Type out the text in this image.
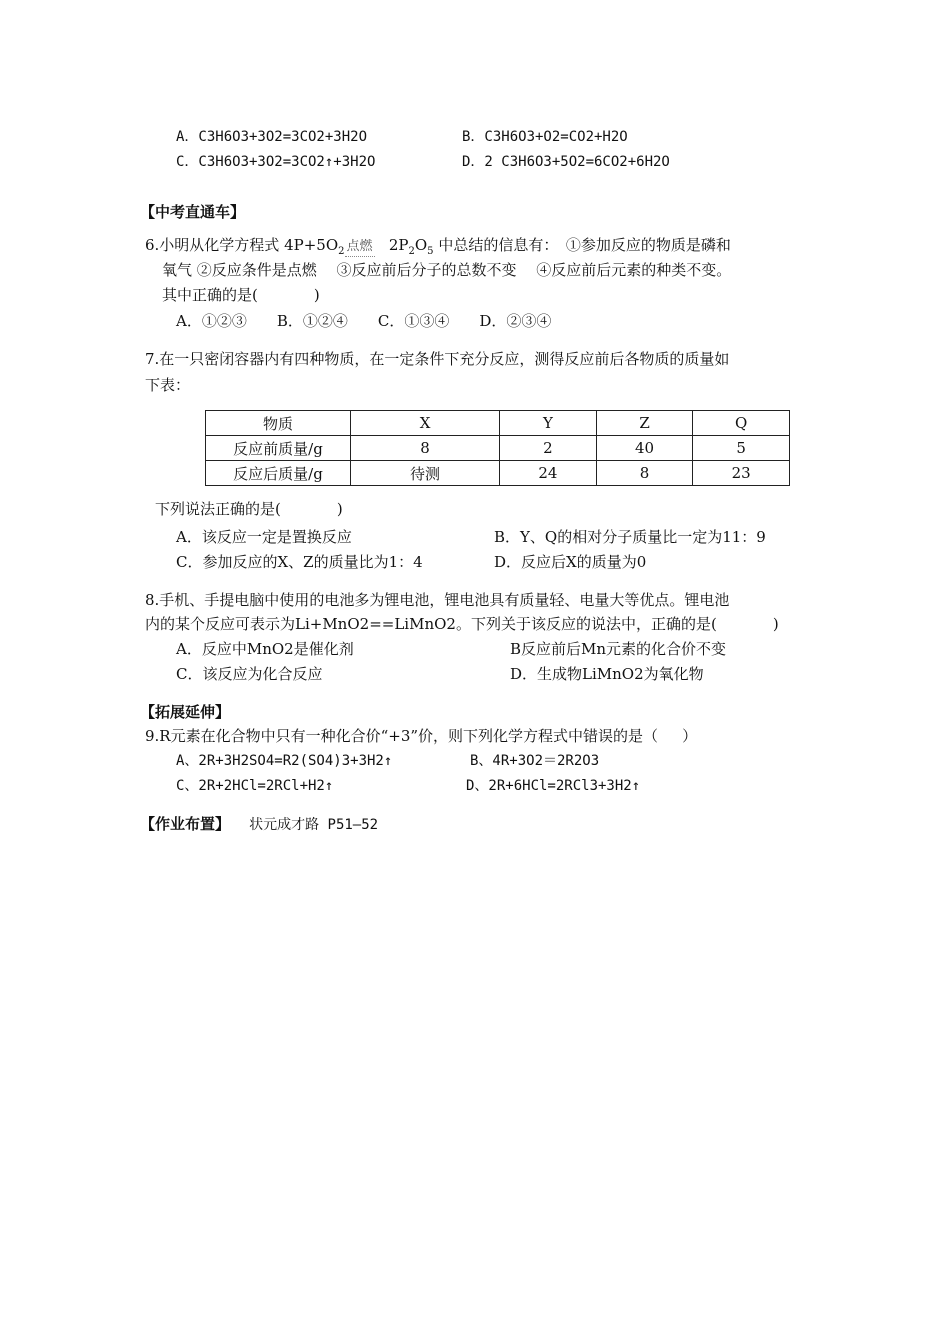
A．C3H6O3+3O2=3CO2+3H2O	B．C3H6O3+O2=CO2+H2O
C．C3H6O3+3O2=3CO2↑+3H2O	D．2 C3H6O3+5O2=6CO2+6H2O
【中考直通车】
6.小明从化学方程式 $4P+5O_2$ 点燃 $2P_2O_5$ 中总结的信息有：　①参加反应的物质是磷和
氧气 ②反应条件是点燃　 ③反应前后分子的总数不变　 ④反应前后元素的种类不变。
其中正确的是(	)
A．①②③　　B．①②④　　C．①③④　　D．②③④
7.在一只密闭容器内有四种物质，在一定条件下充分反应，测得反应前后各物质的质量如
下表：
物质	X	Y	Z	Q
反应前质量/g	8	2	40	5
反应后质量/g	待测	24	8	23
下列说法正确的是(	)
A．该反应一定是置换反应	B．Y、Q的相对分子质量比一定为11：9
C．参加反应的X、Z的质量比为1：4	D．反应后X的质量为0
8.手机、手提电脑中使用的电池多为锂电池，锂电池具有质量轻、电量大等优点。锂电池
内的某个反应可表示为Li+MnO2==LiMnO2。下列关于该反应的说法中，正确的是(	)
A．反应中MnO2是催化剂	B反应前后Mn元素的化合价不变
C．该反应为化合反应	D．生成物LiMnO2为氧化物
【拓展延伸】
9.R元素在化合物中只有一种化合价“+3”价，则下列化学方程式中错误的是（ ）
A、2R+3H2SO4=R2(SO4)3+3H2↑	B、4R+3O2＝2R2O3
C、2R+2HCl=2RCl+H2↑	D、2R+6HCl=2RCl3+3H2↑
【作业布置】 状元成才路 P51—52
